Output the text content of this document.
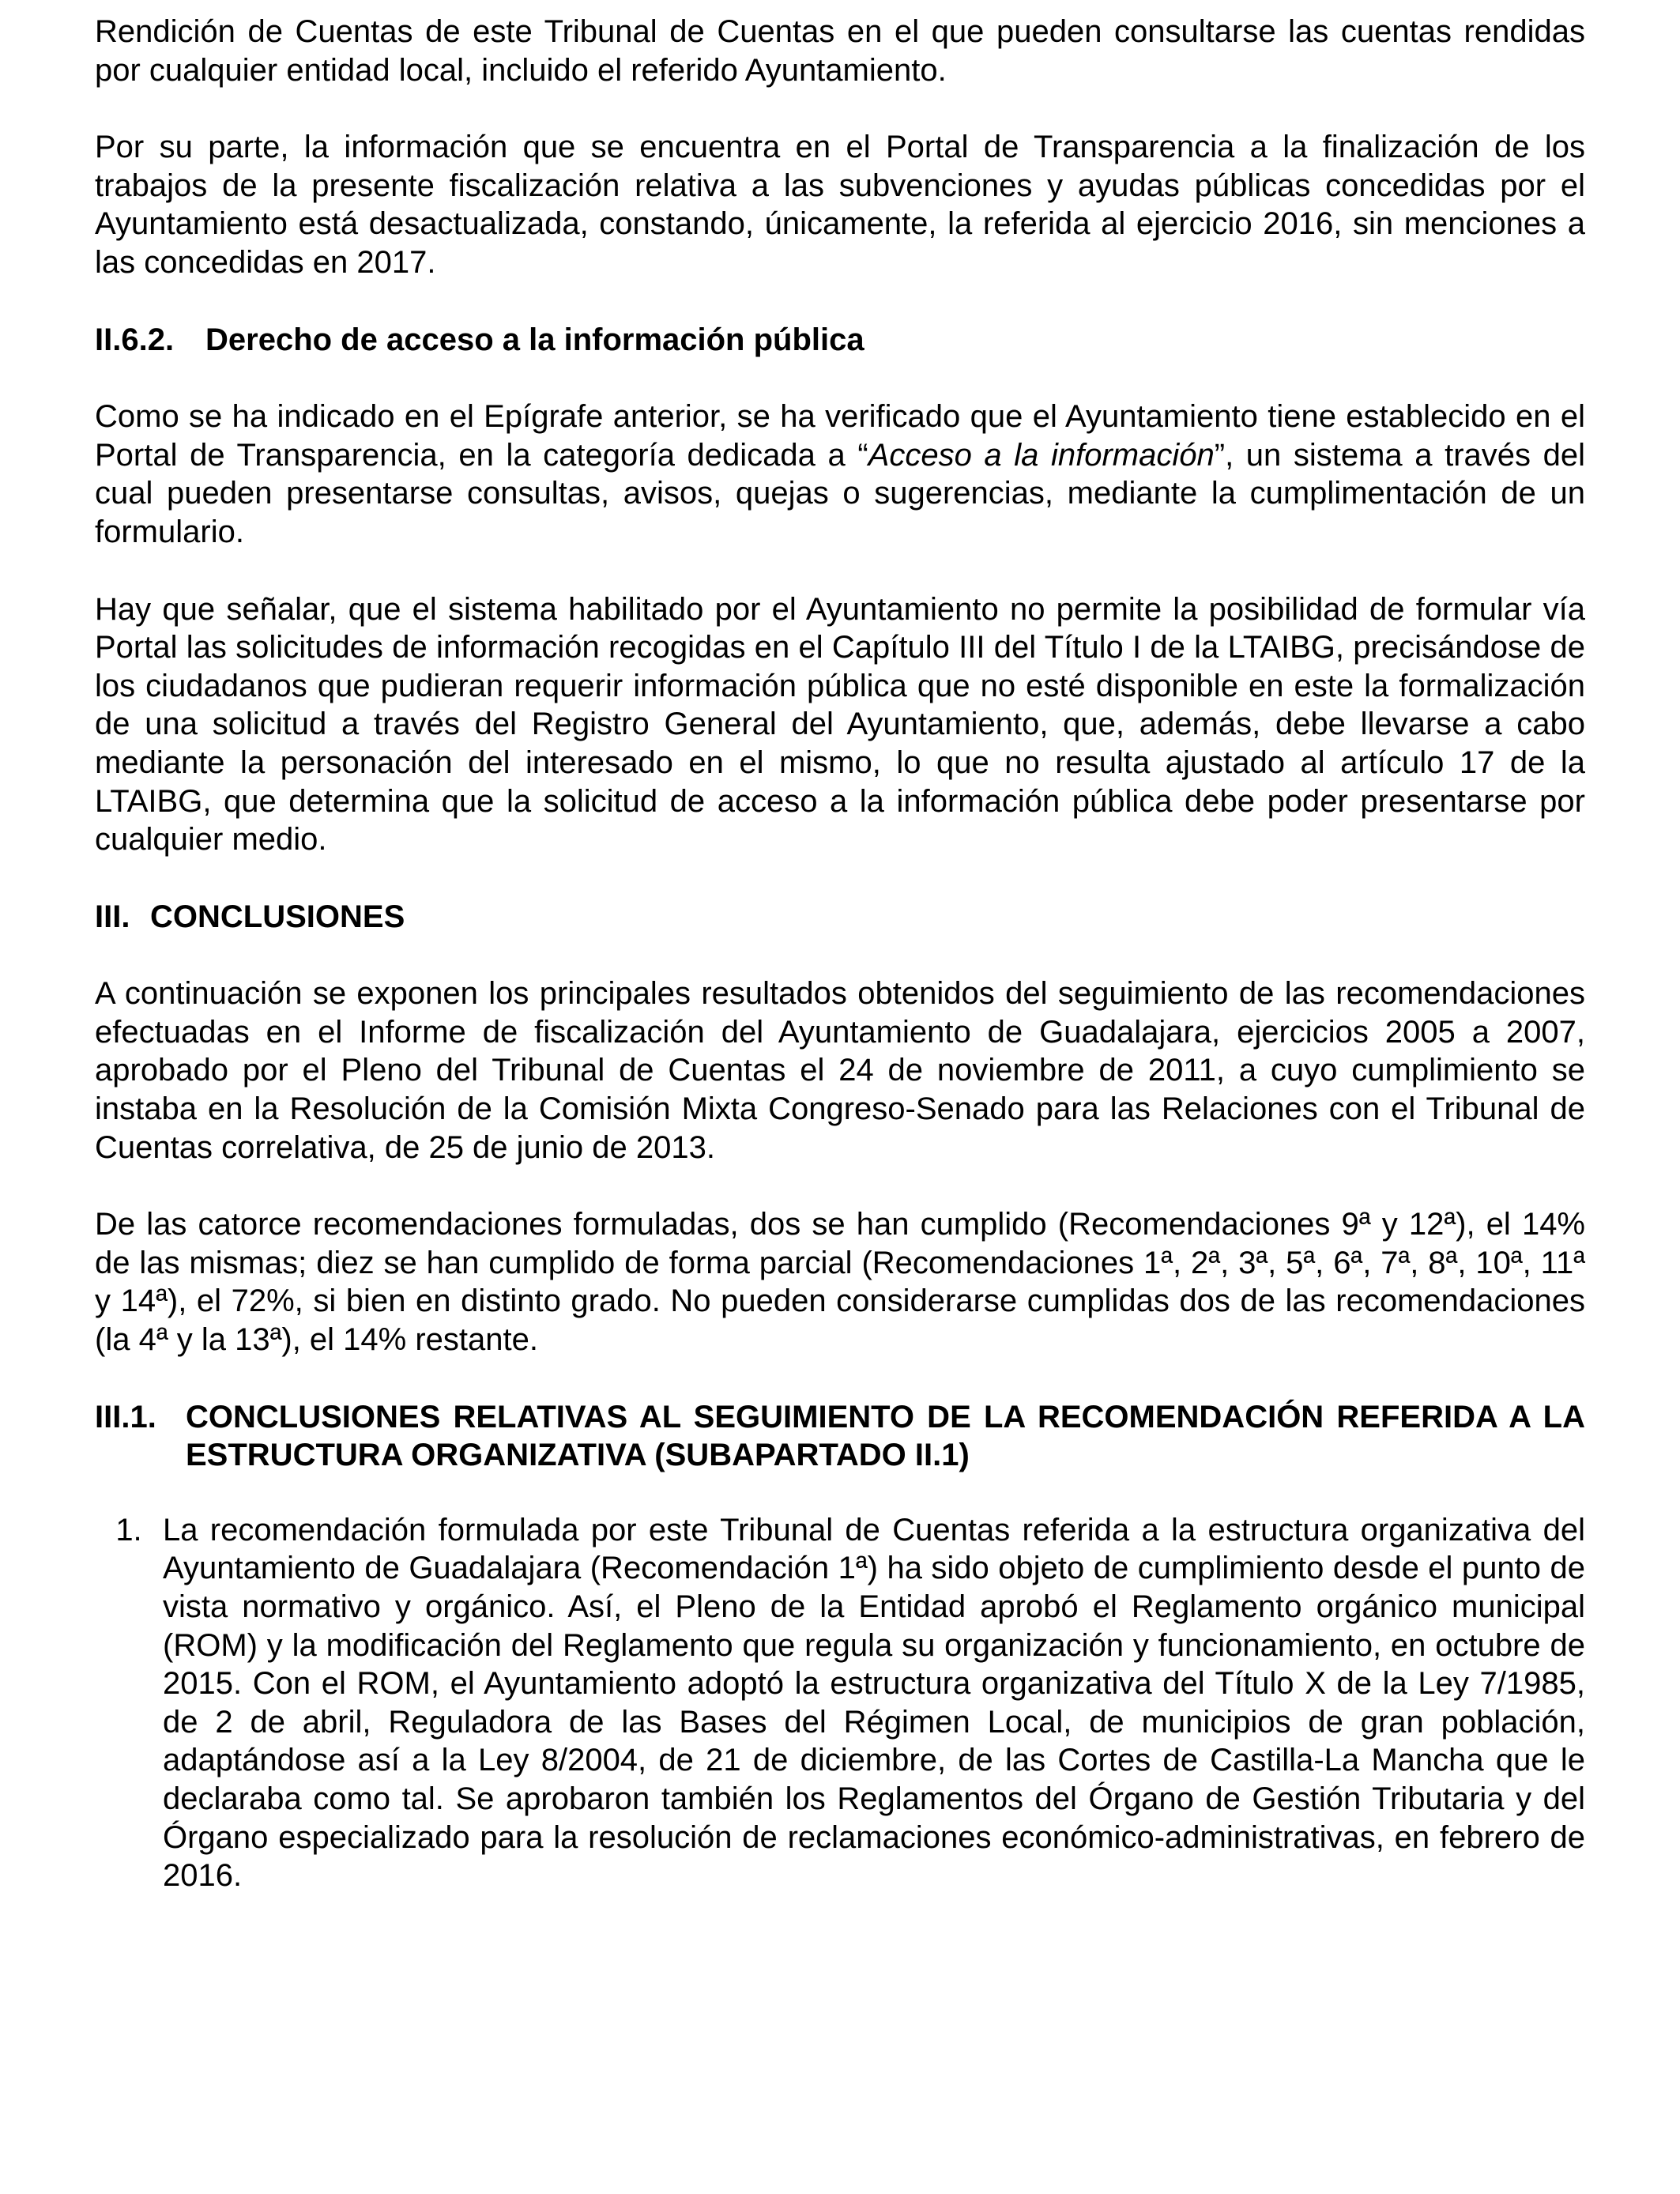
Rendición de Cuentas de este Tribunal de Cuentas en el que pueden consultarse las cuentas rendidas por cualquier entidad local, incluido el referido Ayuntamiento.

Por su parte, la información que se encuentra en el Portal de Transparencia a la finalización de los trabajos de la presente fiscalización relativa a las subvenciones y ayudas públicas concedidas por el Ayuntamiento está desactualizada, constando, únicamente, la referida al ejercicio 2016, sin menciones a las concedidas en 2017.

II.6.2. Derecho de acceso a la información pública

Como se ha indicado en el Epígrafe anterior, se ha verificado que el Ayuntamiento tiene establecido en el Portal de Transparencia, en la categoría dedicada a “Acceso a la información”, un sistema a través del cual pueden presentarse consultas, avisos, quejas o sugerencias, mediante la cumplimentación de un formulario.

Hay que señalar, que el sistema habilitado por el Ayuntamiento no permite la posibilidad de formular vía Portal las solicitudes de información recogidas en el Capítulo III del Título I de la LTAIBG, precisándose de los ciudadanos que pudieran requerir información pública que no esté disponible en este la formalización de una solicitud a través del Registro General del Ayuntamiento, que, además, debe llevarse a cabo mediante la personación del interesado en el mismo, lo que no resulta ajustado al artículo 17 de la LTAIBG, que determina que la solicitud de acceso a la información pública debe poder presentarse por cualquier medio.

III. CONCLUSIONES

A continuación se exponen los principales resultados obtenidos del seguimiento de las recomendaciones efectuadas en el Informe de fiscalización del Ayuntamiento de Guadalajara, ejercicios 2005 a 2007, aprobado por el Pleno del Tribunal de Cuentas el 24 de noviembre de 2011, a cuyo cumplimiento se instaba en la Resolución de la Comisión Mixta Congreso-Senado para las Relaciones con el Tribunal de Cuentas correlativa, de 25 de junio de 2013.

De las catorce recomendaciones formuladas, dos se han cumplido (Recomendaciones 9ª y 12ª), el 14% de las mismas; diez se han cumplido de forma parcial (Recomendaciones 1ª, 2ª, 3ª, 5ª, 6ª, 7ª, 8ª, 10ª, 11ª y 14ª), el 72%, si bien en distinto grado. No pueden considerarse cumplidas dos de las recomendaciones (la 4ª y la 13ª), el 14% restante.

III.1. CONCLUSIONES RELATIVAS AL SEGUIMIENTO DE LA RECOMENDACIÓN REFERIDA A LA ESTRUCTURA ORGANIZATIVA (SUBAPARTADO II.1)
1. La recomendación formulada por este Tribunal de Cuentas referida a la estructura organizativa del Ayuntamiento de Guadalajara (Recomendación 1ª) ha sido objeto de cumplimiento desde el punto de vista normativo y orgánico. Así, el Pleno de la Entidad aprobó el Reglamento orgánico municipal (ROM) y la modificación del Reglamento que regula su organización y funcionamiento, en octubre de 2015. Con el ROM, el Ayuntamiento adoptó la estructura organizativa del Título X de la Ley 7/1985, de 2 de abril, Reguladora de las Bases del Régimen Local, de municipios de gran población, adaptándose así a la Ley 8/2004, de 21 de diciembre, de las Cortes de Castilla-La Mancha que le declaraba como tal. Se aprobaron también los Reglamentos del Órgano de Gestión Tributaria y del Órgano especializado para la resolución de reclamaciones económico-administrativas, en febrero de 2016.
